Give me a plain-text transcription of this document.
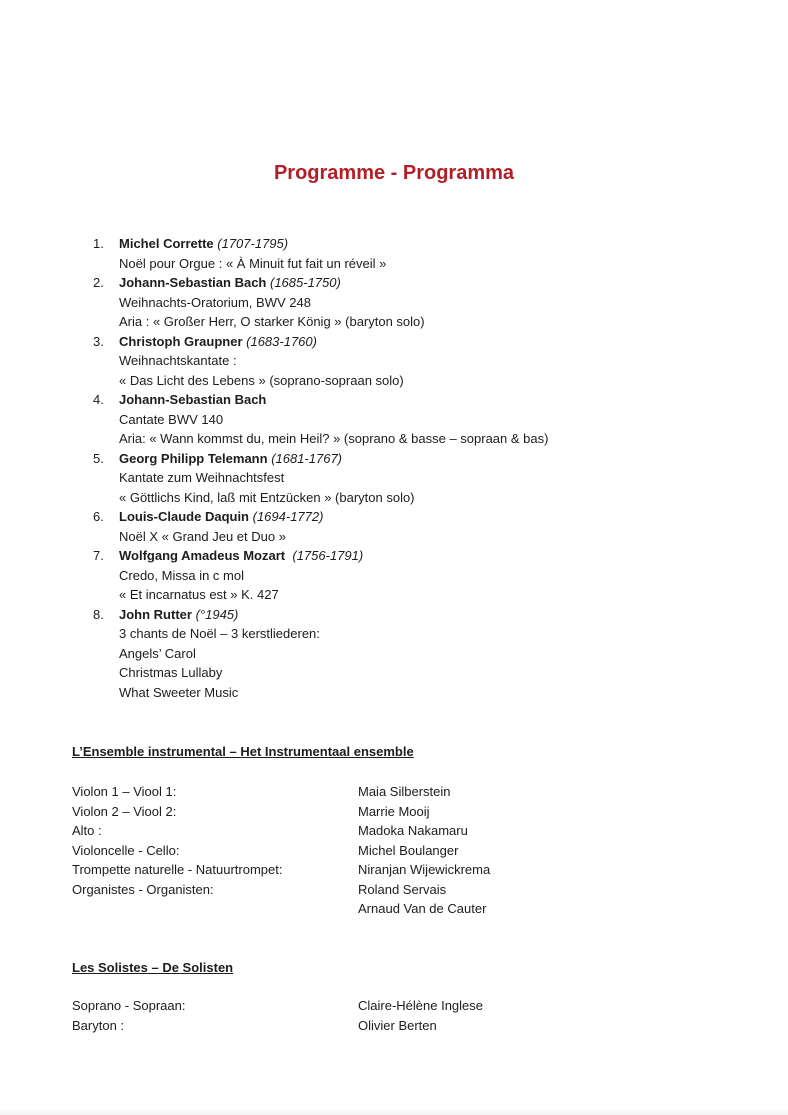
Programme - Programma
1.	Michel Corrette (1707-1795)
Noël pour Orgue : « À Minuit fut fait un réveil »
2.	Johann-Sebastian Bach (1685-1750)
Weihnachts-Oratorium, BWV 248
Aria : « Großer Herr, O starker König » (baryton solo)
3.	Christoph Graupner (1683-1760)
Weihnachtskantate :
« Das Licht des Lebens » (soprano-sopraan solo)
4.	Johann-Sebastian Bach
Cantate BWV 140
Aria: « Wann kommst du, mein Heil? » (soprano & basse – sopraan & bas)
5.	Georg Philipp Telemann (1681-1767)
Kantate zum Weihnachtsfest
« Göttlichs Kind, laß mit Entzücken » (baryton solo)
6.	Louis-Claude Daquin (1694-1772)
Noël X « Grand Jeu et Duo »
7.	Wolfgang Amadeus Mozart  (1756-1791)
Credo, Missa in c mol
« Et incarnatus est » K. 427
8.	John Rutter (°1945)
3 chants de Noël – 3 kerstliederen:
Angels’ Carol
Christmas Lullaby
What Sweeter Music
L’Ensemble instrumental – Het Instrumentaal ensemble
Violon 1 – Viool 1:	Maia Silberstein
Violon 2 – Viool 2:	Marrie Mooij
Alto :	Madoka Nakamaru
Violoncelle - Cello:	Michel Boulanger
Trompette naturelle - Natuurtrompet:	Niranjan Wijewickrema
Organistes - Organisten:	Roland Servais
Arnaud Van de Cauter
Les Solistes – De Solisten
Soprano - Sopraan:	Claire-Hélène Inglese
Baryton :	Olivier Berten
